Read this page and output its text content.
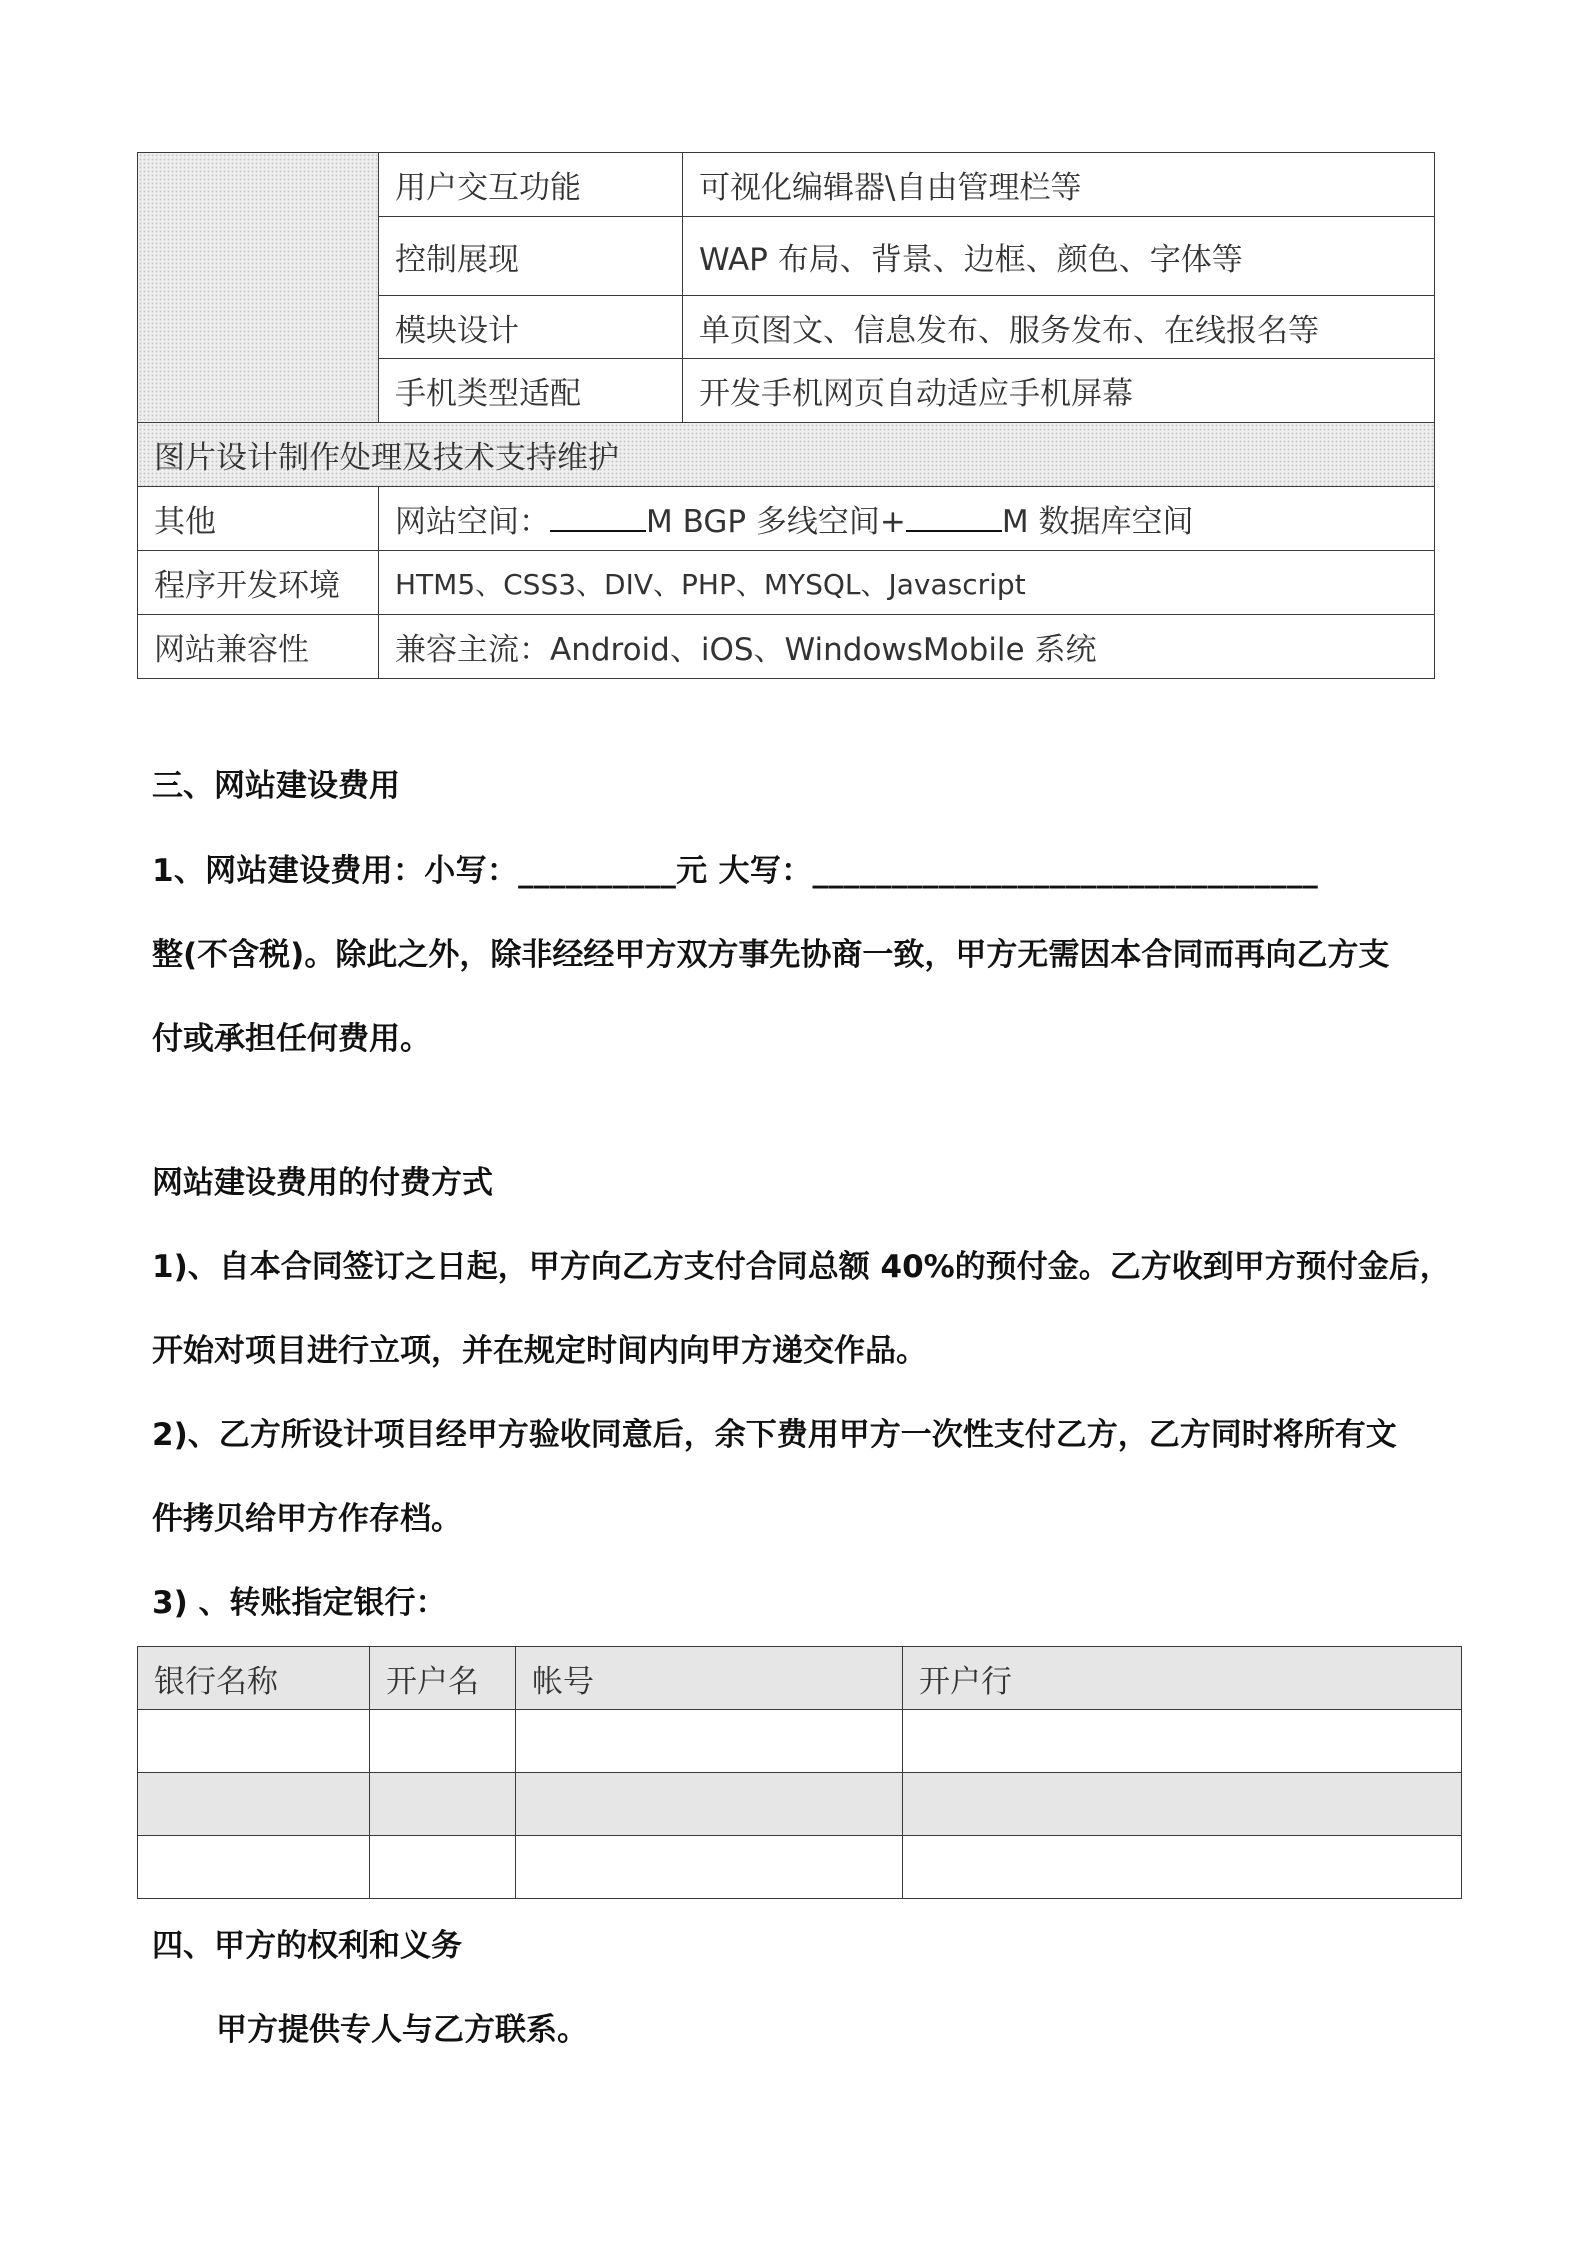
	用户交互功能	可视化编辑器\自由管理栏等
	控制展现	WAP 布局、背景、边框、颜色、字体等
	模块设计	单页图文、信息发布、服务发布、在线报名等
	手机类型适配	开发手机网页自动适应手机屏幕
图片设计制作处理及技术支持维护		
其他	网站空间： M BGP 多线空间+ M 数据库空间	
程序开发环境	HTM5、CSS3、DIV、PHP、MYSQL、Javascript	
网站兼容性	兼容主流：Android、iOS、WindowsMobile 系统	
三、网站建设费用
1、网站建设费用：小写：__________元 大写：________________________________
整(不含税)。除此之外，除非经经甲方双方事先协商一致，甲方无需因本合同而再向乙方支
付或承担任何费用。
网站建设费用的付费方式
1)、自本合同签订之日起，甲方向乙方支付合同总额 40%的预付金。乙方收到甲方预付金后，
开始对项目进行立项，并在规定时间内向甲方递交作品。
2)、乙方所设计项目经甲方验收同意后，余下费用甲方一次性支付乙方，乙方同时将所有文
件拷贝给甲方作存档。
3) 、转账指定银行：
银行名称	开户名	帐号	开户行

四、甲方的权利和义务
甲方提供专人与乙方联系。
